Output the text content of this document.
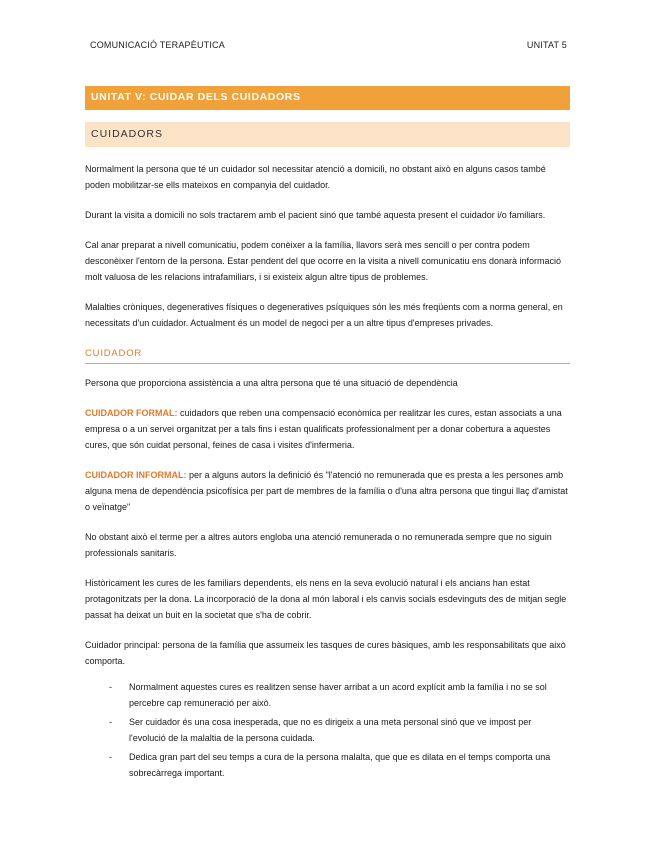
COMUNICACIÓ TERAPÈUTICA	UNITAT 5
UNITAT V: CUIDAR DELS CUIDADORS
CUIDADORS

Normalment la persona que té un cuidador sol necessitar atenció a domicili, no obstant això en alguns casos també poden mobilitzar-se ells mateixos en companyia del cuidador.

Durant la visita a domicili no sols tractarem amb el pacient sinó que també aquesta present el cuidador i/o familiars.

Cal anar preparat a nivell comunicatiu, podem conèixer a la família, llavors serà mes sencill o per contra podem desconèixer l'entorn de la persona. Estar pendent del que ocorre en la visita a nivell comunicatiu ens donarà informació molt valuosa de les relacions intrafamiliars, i si existeix algun altre tipus de problemes.

Malalties cròniques, degeneratives físiques o degeneratives psíquiques són les més freqüents com a norma general, en necessitats d'un cuidador. Actualment és un model de negoci per a un altre tipus d'empreses privades.

CUIDADOR

Persona que proporciona assistència a una altra persona que té una situació de dependència

CUIDADOR FORMAL: cuidadors que reben una compensació econòmica per realitzar les cures, estan associats a una empresa o a un servei organitzat per a tals fins i estan qualificats professionalment per a donar cobertura a aquestes cures, que són cuidat personal, feines de casa i visites d'infermeria.

CUIDADOR INFORMAL: per a alguns autors la definició és "l'atenció no remunerada que es presta a les persones amb alguna mena de dependència psicofísica per part de membres de la família o d'una altra persona que tingui llaç d'amistat o veïnatge"

No obstant això el terme per a altres autors engloba una atenció remunerada o no remunerada sempre que no siguin professionals sanitaris.

Històricament les cures de les familiars dependents, els nens en la seva evolució natural i els ancians han estat protagonitzats per la dona. La incorporació de la dona al món laboral i els canvis socials esdevinguts des de mitjan segle passat ha deixat un buit en la societat que s'ha de cobrir.

Cuidador principal: persona de la família que assumeix les tasques de cures bàsiques, amb les responsabilitats que això comporta.

- Normalment aquestes cures es realitzen sense haver arribat a un acord explícit amb la família i no se sol percebre cap remuneració per això.
- Ser cuidador és una cosa inesperada, que no es dirigeix a una meta personal sinó que ve impost per l'evolució de la malaltia de la persona cuidada.
- Dedica gran part del seu temps a cura de la persona malalta, que que es dilata en el temps comporta una sobrecàrrega important.
